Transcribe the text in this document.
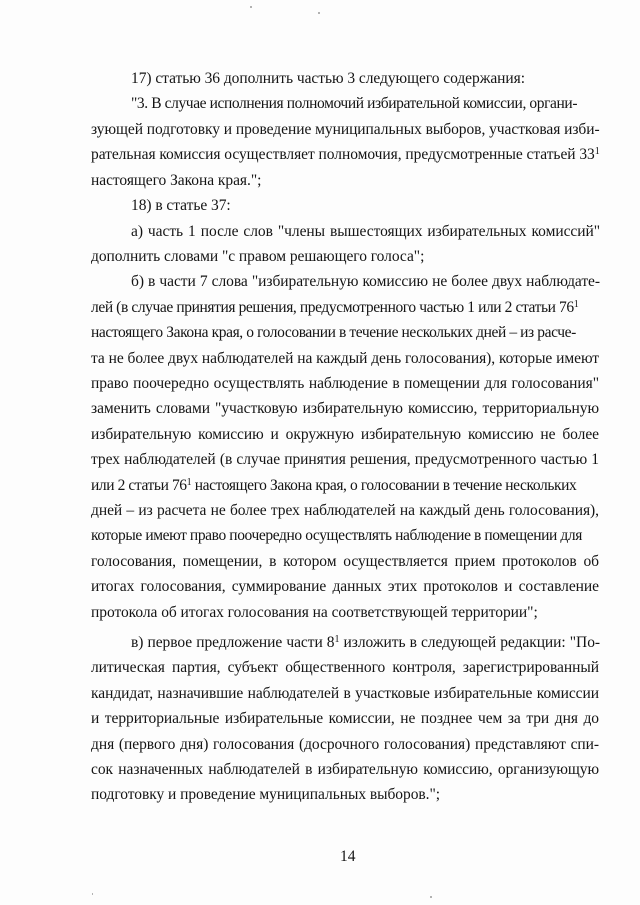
17) статью 36 дополнить частью 3 следующего содержания:
"3. В случае исполнения полномочий избирательной комиссии, органи-
зующей подготовку и проведение муниципальных выборов, участковая изби-
рательная комиссия осуществляет полномочия, предусмотренные статьей $33^1$
настоящего Закона края.";
18) в статье 37:
а) часть 1 после слов "члены вышестоящих избирательных комиссий"
дополнить словами "с правом решающего голоса";
б) в части 7 слова "избирательную комиссию не более двух наблюдате-
лей (в случае принятия решения, предусмотренного частью 1 или 2 статьи $76^1$
настоящего Закона края, о голосовании в течение нескольких дней – из расче-
та не более двух наблюдателей на каждый день голосования), которые имеют
право поочередно осуществлять наблюдение в помещении для голосования"
заменить словами "участковую избирательную комиссию, территориальную
избирательную комиссию и окружную избирательную комиссию не более
трех наблюдателей (в случае принятия решения, предусмотренного частью 1
или 2 статьи $76^1$ настоящего Закона края, о голосовании в течение нескольких
дней – из расчета не более трех наблюдателей на каждый день голосования),
которые имеют право поочередно осуществлять наблюдение в помещении для
голосования, помещении, в котором осуществляется прием протоколов об
итогах голосования, суммирование данных этих протоколов и составление
протокола об итогах голосования на соответствующей территории";
в) первое предложение части $8^1$ изложить в следующей редакции: "По-
литическая партия, субъект общественного контроля, зарегистрированный
кандидат, назначившие наблюдателей в участковые избирательные комиссии
и территориальные избирательные комиссии, не позднее чем за три дня до
дня (первого дня) голосования (досрочного голосования) представляют спи-
сок назначенных наблюдателей в избирательную комиссию, организующую
подготовку и проведение муниципальных выборов.";
14
